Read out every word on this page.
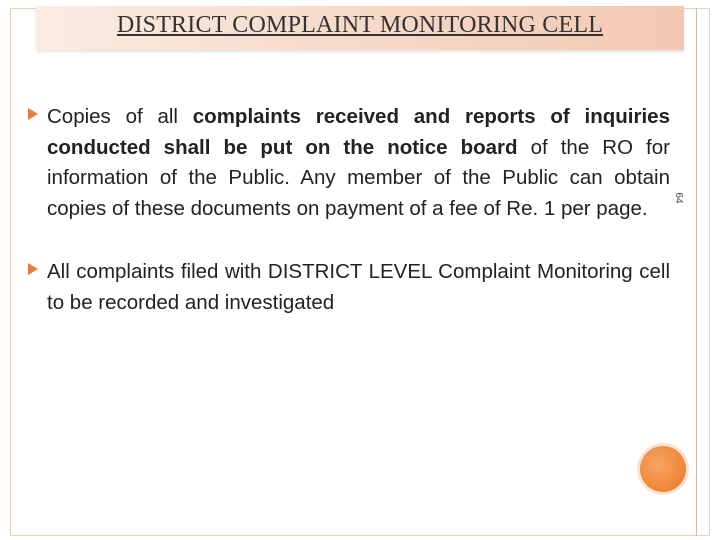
DISTRICT COMPLAINT MONITORING CELL

Copies of all complaints received and reports of inquiries conducted shall be put on the notice board of the RO for information of the Public. Any member of the Public can obtain copies of these documents on payment of a fee of Re. 1 per page.

All complaints filed with DISTRICT LEVEL Complaint Monitoring cell to be recorded and investigated

64
